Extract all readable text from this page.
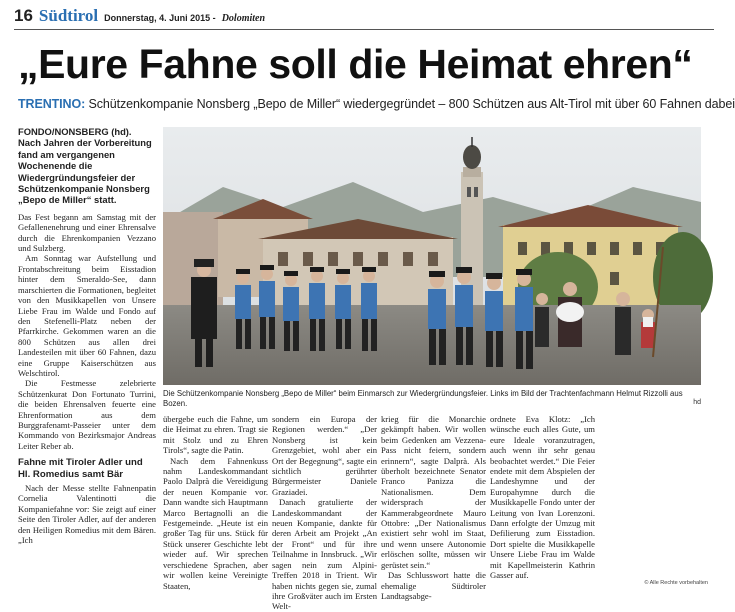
16 Südtirol Donnerstag, 4. Juni 2015 - Dolomiten
„Eure Fahne soll die Heimat ehren“
TRENTINO: Schützenkompanie Nonsberg „Bepo de Miller“ wiedergegründet – 800 Schützen aus Alt-Tirol mit über 60 Fahnen dabei

FONDO/NONSBERG (hd). Nach Jahren der Vorbereitung fand am vergangenen Wochenende die Wiedergründungsfeier der Schützenkompanie Nonsberg „Bepo de Miller“ statt.

Das Fest begann am Samstag mit der Gefallenenehrung und einer Ehrensalve durch die Ehrenkompanien Vezzano und Sulzberg.

Am Sonntag war Aufstellung und Frontabschreitung beim Eisstadion hinter dem Smeraldo-See, dann marschierten die Formationen, begleitet von den Musikkapellen von Unsere Liebe Frau im Walde und Fondo auf den Stefenelli-Platz neben der Pfarrkirche. Gekommen waren an die 800 Schützen aus allen drei Landesteilen mit über 60 Fahnen, dazu eine Gruppe Kaiserschützen aus Welschtirol.

Die Festmesse zelebrierte Schützenkurat Don Fortunato Turrini, die beiden Ehrensalven feuerte eine Ehrenformation aus dem Burggrafenamt-Passeier unter dem Kommando von Bezirksmajor Andreas Leiter Reber ab.

Fahne mit Tiroler Adler und Hl. Romedius samt Bär

Nach der Messe stellte Fahnenpatin Cornelia Valentinotti die Kompaniefahne vor: Sie zeigt auf einer Seite den Tiroler Adler, auf der anderen den Heiligen Romedius mit dem Bären. „Ich

Die Schützenkompanie Nonsberg „Bepo de Miller“ beim Einmarsch zur Wiedergründungsfeier. Links im Bild der Trachtenfachmann Helmut Rizzolli aus Bozen.	hd

übergebe euch die Fahne, um die Heimat zu ehren. Tragt sie mit Stolz und zu Ehren Tirols“, sagte die Patin.

Nach dem Fahnenkuss nahm Landeskommandant Paolo Dalprà die Vereidigung der neuen Kompanie vor. Dann wandte sich Hauptmann Marco Bertagnolli an die Festgemeinde. „Heute ist ein großer Tag für uns. Stück für Stück unserer Geschichte lebt wieder auf. Wir sprechen verschiedene Sprachen, aber wir wollen keine Vereinigte Staaten,

sondern ein Europa der Regionen werden.“ „Der Nonsberg ist kein Grenzgebiet, wohl aber ein Ort der Begegnung“, sagte ein sichtlich gerührter Bürgermeister Daniele Graziadei.

Danach gratulierte der Landeskommandant der neuen Kompanie, dankte für deren Arbeit am Projekt „An der Front“ und für ihre Teilnahme in Innsbruck. „Wir sagen nein zum Alpini-Treffen 2018 in Trient. Wir haben nichts gegen sie, zumal ihre Großväter auch im Ersten Welt-

krieg für die Monarchie gekämpft haben. Wir wollen beim Gedenken am Vezzena-Pass nicht feiern, sondern erinnern“, sagte Dalprà. Als überholt bezeichnete Senator Franco Panizza die Nationalismen. Dem widersprach der Kammerabgeordnete Mauro Ottobre: „Der Nationalismus existiert sehr wohl im Staat, und wenn unsere Autonomie erlöschen sollte, müssen wir gerüstet sein.“

Das Schlusswort hatte die ehemalige Südtiroler Landtagsabge-

ordnete Eva Klotz: „Ich wünsche euch alles Gute, um eure Ideale voranzutragen, auch wenn ihr sehr genau beobachtet werdet.“ Die Feier endete mit dem Abspielen der Landeshymne und der Europahymne durch die Musikkapelle Fondo unter der Leitung von Ivan Lorenzoni. Dann erfolgte der Umzug mit Defilierung zum Eisstadion. Dort spielte die Musikkapelle Unsere Liebe Frau im Walde mit Kapellmeisterin Kathrin Gasser auf.

© Alle Rechte vorbehalten
